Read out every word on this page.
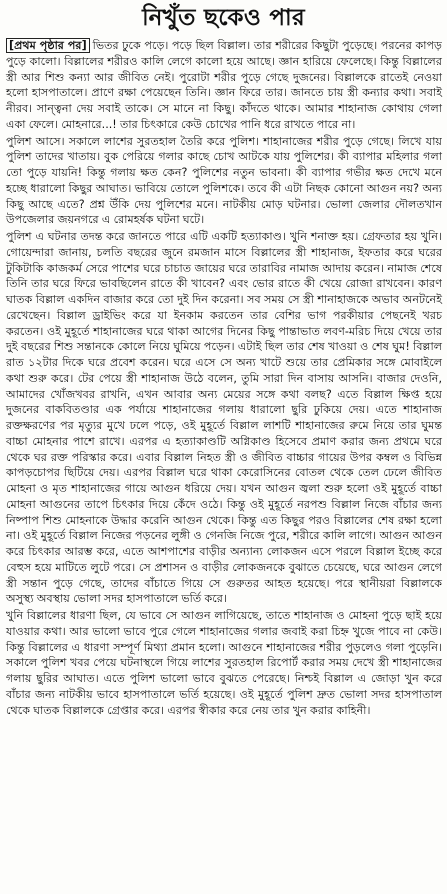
নিখুঁত ছকেও পার

[প্রথম পৃষ্ঠার পর] ভিতর ঢুকে পড়ে। পড়ে ছিল বিল্লাল। তার শরীরের কিছুটা পুড়েছে। পরনের কাপড় পুড়ে কালো। বিল্লালের শরীরও কালি লেগে কালো হয়ে আছে। জ্ঞান হারিয়ে ফেলেছে। কিন্তু বিল্লালের স্ত্রী আর শিশু কন্যা আর জীবিত নেই। পুরোটা শরীর পুড়ে গেছে দুজনের। বিল্লালকে রাতেই নেওয়া হলো হাসপাতালে। প্রাণে রক্ষা পেয়েছেন তিনি। জ্ঞান ফিরে তার। জানতে চায় স্ত্রী কন্যার কথা। সবাই নীরব। সান্ত্বনা দেয় সবাই তাকে। সে মানে না কিছু। কাঁদতে থাকে। আমার শাহানাজ কোথায় গেলা একা ফেলে। মোহনারে...! তার চিৎকারে কেউ চোখের পানি ধরে রাখতে পারে না।

পুলিশ আসে। সকালে লাশের সুরতহাল তৈরি করে পুলিশ। শাহানাজের শরীর পুড়ে গেছে। লিখে যায় পুলিশ তাদের খাতায়। বুক পেরিয়ে গলার কাছে চোখ আটকে যায় পুলিশের। কী ব্যাপার মহিলার গলা তো পুড়ে যায়নি! কিন্তু গলায় ক্ষত কেন? পুলিশের নতুন ভাবনা। কী ব্যাপার গভীর ক্ষত দেখে মনে হচ্ছে ধারালো কিছুর আঘাত। ভাবিয়ে তোলে পুলিশকে। তবে কী এটা নিছক কোনো আগুন নয়? অন্য কিছু আছে এতে? প্রশ্ন উঁকি দেয় পুলিশের মনে। নাটকীয় মোড় ঘটনার। ভোলা জেলার দৌলতখান উপজেলার জয়নগরে এ রোমহর্ষক ঘটনা ঘটে।

পুলিশ এ ঘটনার তদন্ত করে জানতে পারে এটি একটি হত্যাকাণ্ড। খুনি শনাক্ত হয়। গ্রেফতার হয় খুনি। গোয়েন্দারা জানায়, চলতি বছরের জুনে রমজান মাসে বিল্লালের স্ত্রী শাহানাজ, ইফতার করে ঘরের টুকিটাকি কাজকর্ম সেরে পাশের ঘরে চাচাত জায়ের ঘরে তারাবির নামাজ আদায় করেন। নামাজ শেষে তিনি তার ঘরে ফিরে ভাবছিলেন রাতে কী খাবেন? এবং ভোর রাতে কী খেয়ে রোজা রাখবেন। কারণ ঘাতক বিল্লাল একদিন বাজার করে তো দুই দিন করেনা। সব সময় সে স্ত্রী শানাহাজকে অভাব অনটনেই রেখেছেন। বিল্লাল ড্রাইভিং করে যা ইনকাম করতেন তার বেশির ভাগ পরকীয়ার পেছনেই খরচ করতেন। ওই মুহূর্তে শাহানাজের ঘরে থাকা আগের দিনের কিছু পান্তাভাত লবণ-মরিচ দিয়ে খেয়ে তার দুই বছরের শিশু সন্তানকে কোলে নিয়ে ঘুমিয়ে পড়েন। এটাই ছিল তার শেষ খাওয়া ও শেষ ঘুম! বিল্লাল রাত ১২টার দিকে ঘরে প্রবেশ করেন। ঘরে এসে সে অন্য খাটে শুয়ে তার প্রেমিকার সঙ্গে মোবাইলে কথা শুরু করে। টের পেয়ে স্ত্রী শাহানাজ উঠে বলেন, তুমি সারা দিন বাসায় আসনি। বাজার দেওনি, আমাদের খোঁজখবর রাখনি, এখন আবার অন্য মেয়ের সঙ্গে কথা বলছ? এতে বিল্লাল ক্ষিপ্ত হয়ে দুজনের বাকবিতণ্ডার এক পর্যায়ে শাহানাজের গলায় ধারালো ছুরি ঢুকিয়ে দেয়। এতে শাহানাজ রক্তক্ষরণের পর মৃত্যুর মুখে ঢলে পড়ে, ওই মুহূর্তে বিল্লাল লাশটি শাহানাজের রুমে নিয়ে তার ঘুমন্ত বাচ্চা মোহনার পাশে রাখে। এরপর এ হত্যাকাণ্ডটি অগ্নিকাণ্ড হিসেবে প্রমাণ করার জন্য প্রথমে ঘরে থেকে ঘর রক্ত পরিস্কার করে। এবার বিল্লাল নিহত স্ত্রী ও জীবিত বাচ্চার গায়ের উপর কম্বল ও বিভিন্ন কাপড়চোপর ছিটিয়ে দেয়। এরপর বিল্লাল ঘরে থাকা কেরোসিনের বোতল থেকে তেল ঢেলে জীবিত মোহনা ও মৃত শাহানাজের গায়ে আগুন ধরিয়ে দেয়। যখন আগুন জ্বলা শুরু হলো ওই মুহূর্তে বাচ্চা মোহনা আগুনের তাপে চিৎকার দিয়ে কেঁদে ওঠে। কিন্তু ওই মুহূর্তে নরপশু বিল্লাল নিজে বাঁচার জন্য নিষ্পাপ শিশু মোহনাকে উদ্ধার করেনি আগুন থেকে। কিন্তু এত কিছুর পরও বিল্লালের শেষ রক্ষা হলো না। ওই মুহূর্তে বিল্লাল নিজের পড়নের লুঙ্গী ও গেনজি নিজে পুরে, শরীরে কালি লাগে। আগুন আগুন করে চিৎকার আরম্ভ করে, এতে আশপাশের বাড়ীর অন্যান্য লোকজন এসে পরলে বিল্লাল ইচ্ছে করে বেহুস হয়ে মাটিতে লুটে পরে। সে প্রশাসন ও বাড়ীর লোকজনকে বুঝাতে চেয়েছে, ঘরে আগুন লেগে স্ত্রী সন্তান পুড়ে গেছে, তাদের বাঁচাতে গিয়ে সে গুরুতর আহত হয়েছে। পরে স্থানীয়রা বিল্লালকে অসুস্থ্য অবস্থায় ভোলা সদর হাসপাতালে ভর্তি করে।

খুনি বিল্লালের ধারণা ছিল, যে ভাবে সে আগুন লাগিয়েছে, তাতে শাহানাজ ও মোহনা পুড়ে ছাই হয়ে যাওয়ার কথা। আর ভালো ভাবে পুরে গেলে শাহানাজের গলার জবাই করা চিহ্ন খুজে পাবে না কেউ। কিন্তু বিল্লালের এ ধারণা সম্পূর্ণ মিথ্যা প্রমান হলো। আগুনে শাহানাজের শরীর পুড়লেও গলা পুড়েনি। সকালে পুলিশ খবর পেয়ে ঘটনাস্থলে গিয়ে লাশের সুরতহাল রিপোর্ট করার সময় দেখে স্ত্রী শাহানাজের গলায় ছুরির আঘাত। এতে পুলিশ ভালো ভাবে বুঝতে পেরেছে। নিশ্চই বিল্লাল এ জোড়া খুন করে বাঁচার জন্য নাটকীয় ভাবে হাসপাতালে ভর্তি হয়েছে। ওই মুহূর্তে পুলিশ দ্রুত ভোলা সদর হাসপাতাল থেকে ঘাতক বিল্লালকে গ্রেপ্তার করে। এরপর স্বীকার করে নেয় তার খুন করার কাহিনী।
